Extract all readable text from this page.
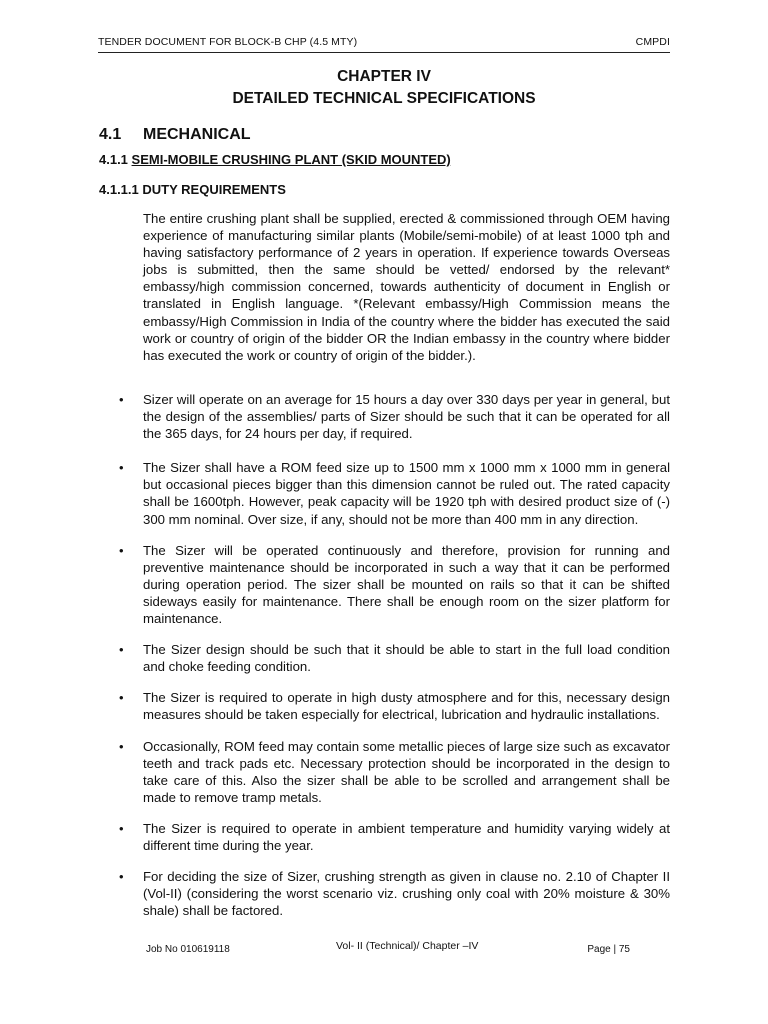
TENDER DOCUMENT FOR BLOCK-B CHP (4.5 MTY)	CMPDI
CHAPTER IV
DETAILED TECHNICAL SPECIFICATIONS
4.1 MECHANICAL
4.1.1 SEMI-MOBILE CRUSHING PLANT (SKID MOUNTED)
4.1.1.1 DUTY REQUIREMENTS
The entire crushing plant shall be supplied, erected & commissioned through OEM having experience of manufacturing similar plants (Mobile/semi-mobile) of at least 1000 tph and having satisfactory performance of 2 years in operation. If experience towards Overseas jobs is submitted, then the same should be vetted/ endorsed by the relevant* embassy/high commission concerned, towards authenticity of document in English or translated in English language. *(Relevant embassy/High Commission means the embassy/High Commission in India of the country where the bidder has executed the said work or country of origin of the bidder OR the Indian embassy in the country where bidder has executed the work or country of origin of the bidder.).
•	Sizer will operate on an average for 15 hours a day over 330 days per year in general, but the design of the assemblies/ parts of Sizer should be such that it can be operated for all the 365 days, for 24 hours per day, if required.
•	The Sizer shall have a ROM feed size up to 1500 mm x 1000 mm x 1000 mm in general but occasional pieces bigger than this dimension cannot be ruled out. The rated capacity shall be 1600tph. However, peak capacity will be 1920 tph with desired product size of (-) 300 mm nominal. Over size, if any, should not be more than 400 mm in any direction.
•	The Sizer will be operated continuously and therefore, provision for running and preventive maintenance should be incorporated in such a way that it can be performed during operation period. The sizer shall be mounted on rails so that it can be shifted sideways easily for maintenance. There shall be enough room on the sizer platform for maintenance.
•	The Sizer design should be such that it should be able to start in the full load condition and choke feeding condition.
•	The Sizer is required to operate in high dusty atmosphere and for this, necessary design measures should be taken especially for electrical, lubrication and hydraulic installations.
•	Occasionally, ROM feed may contain some metallic pieces of large size such as excavator teeth and track pads etc. Necessary protection should be incorporated in the design to take care of this. Also the sizer shall be able to be scrolled and arrangement shall be made to remove tramp metals.
•	The Sizer is required to operate in ambient temperature and humidity varying widely at different time during the year.
•	For deciding the size of Sizer, crushing strength as given in clause no. 2.10 of Chapter II (Vol-II) (considering the worst scenario viz. crushing only coal with 20% moisture & 30% shale) shall be factored.
Job No 010619118	Vol- II (Technical)/ Chapter –IV	Page | 75
